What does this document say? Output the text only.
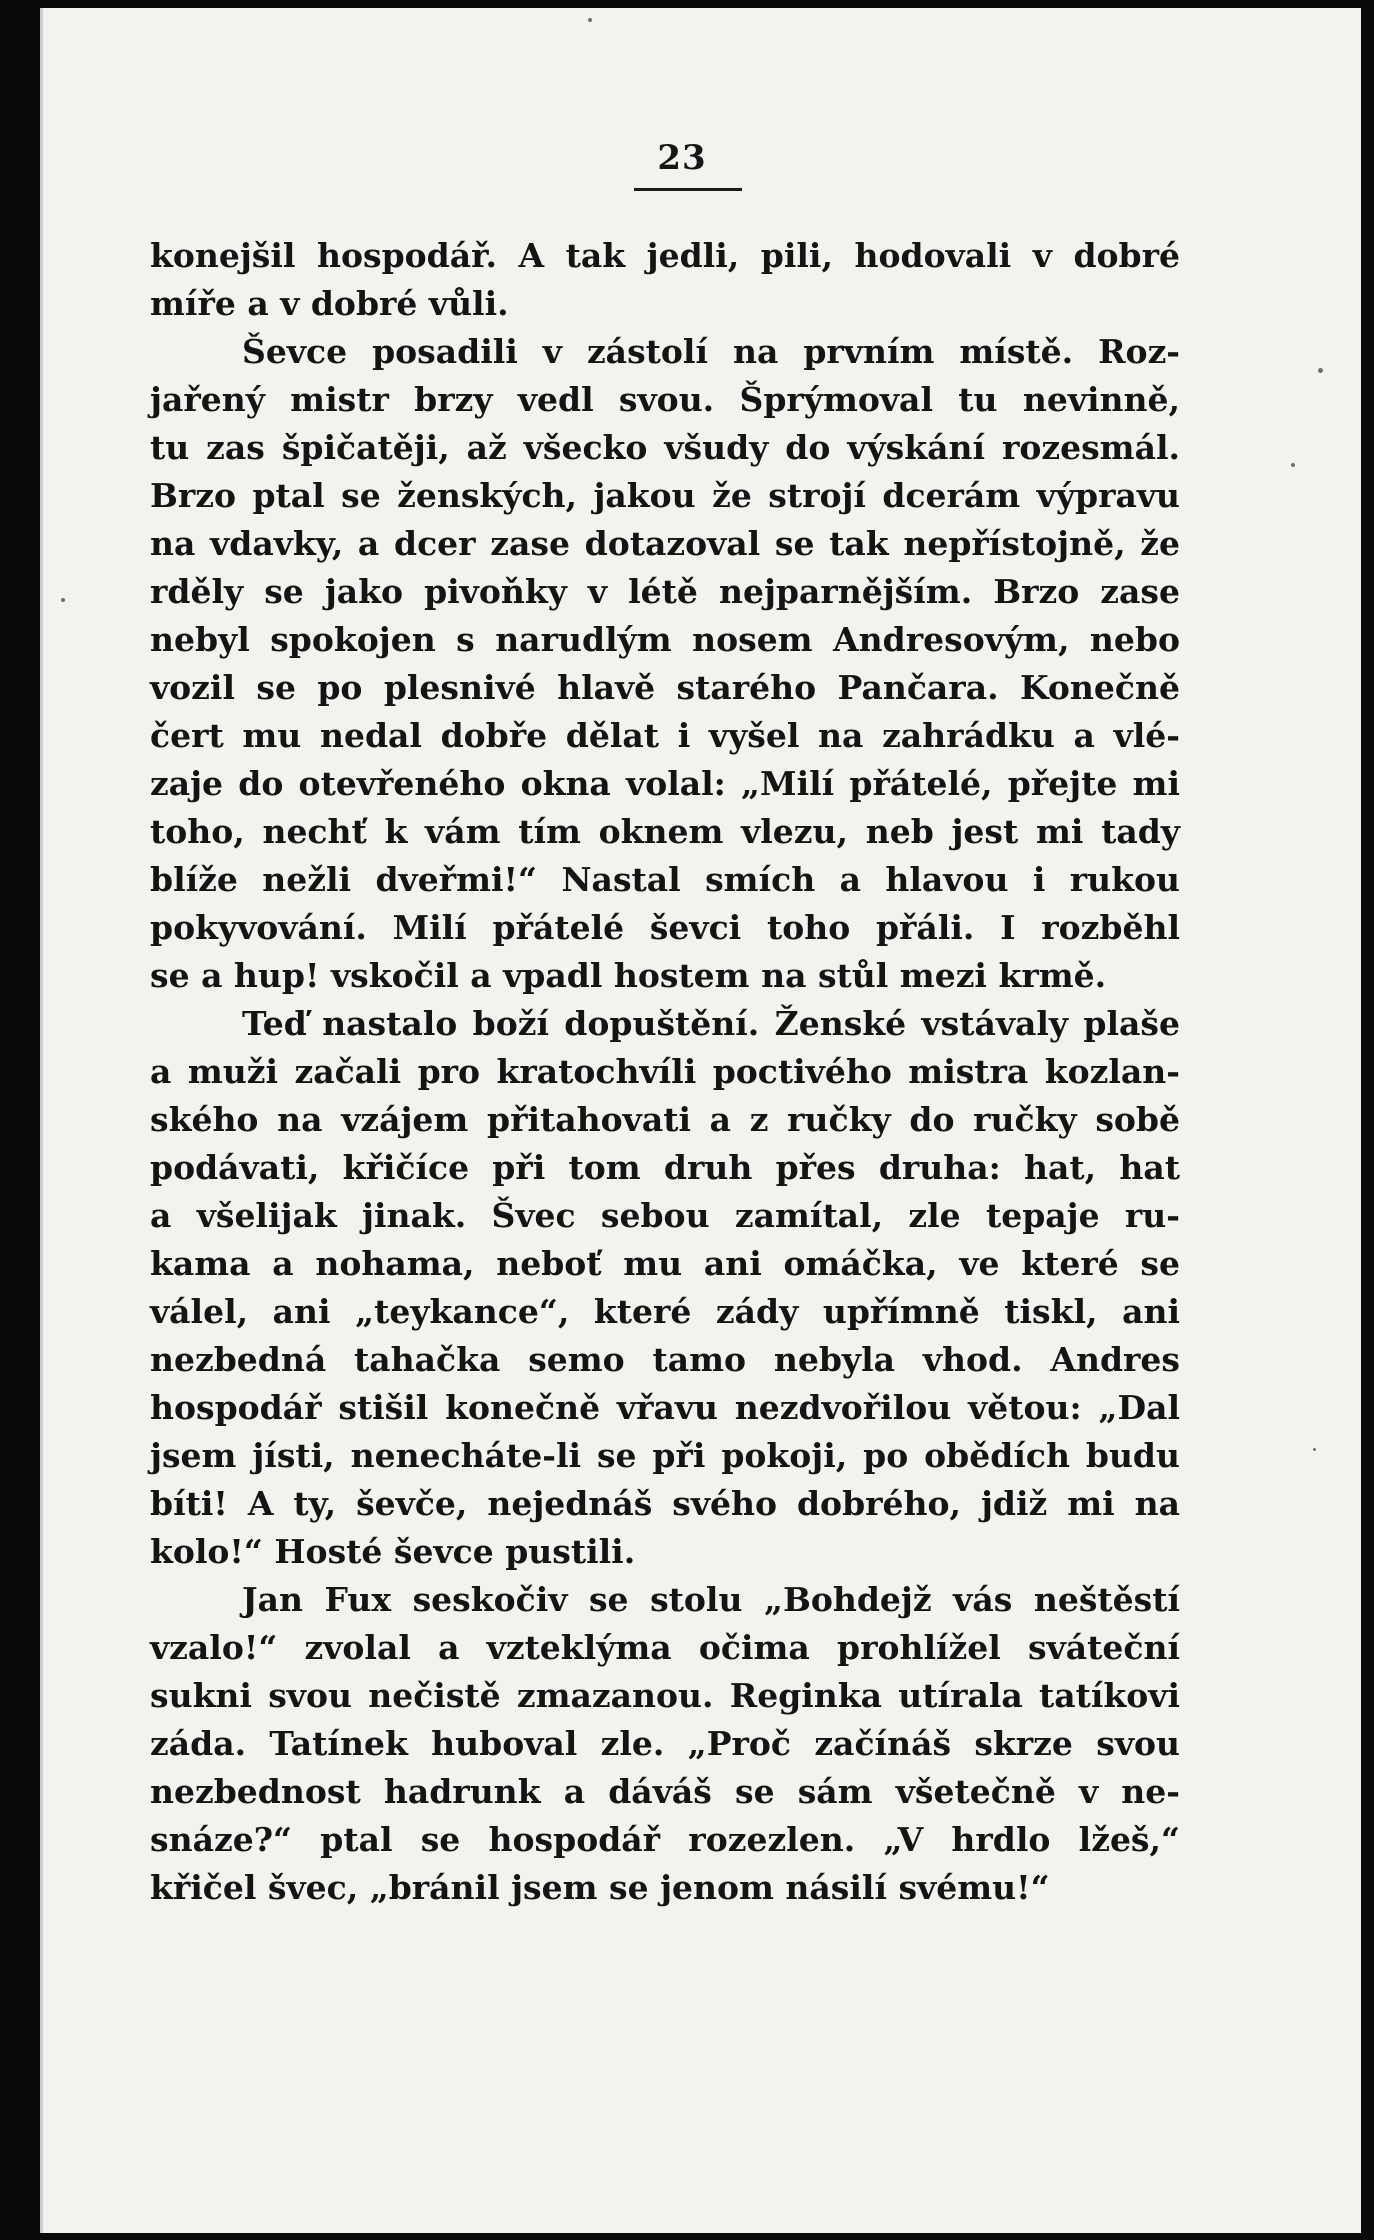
23
konejšil hospodář. A tak jedli, pili, hodovali v dobré
míře a v dobré vůli.
Ševce posadili v zástolí na prvním místě. Roz-
jařený mistr brzy vedl svou. Šprýmoval tu nevinně,
tu zas špičatěji, až všecko všudy do výskání rozesmál.
Brzo ptal se ženských, jakou že strojí dcerám výpravu
na vdavky, a dcer zase dotazoval se tak nepřístojně, že
rděly se jako pivoňky v létě nejparnějším. Brzo zase
nebyl spokojen s narudlým nosem Andresovým, nebo
vozil se po plesnivé hlavě starého Pančara. Konečně
čert mu nedal dobře dělat i vyšel na zahrádku a vlé-
zaje do otevřeného okna volal: „Milí přátelé, přejte mi
toho, nechť k vám tím oknem vlezu, neb jest mi tady
blíže nežli dveřmi!“ Nastal smích a hlavou i rukou
pokyvování. Milí přátelé ševci toho přáli. I rozběhl
se a hup! vskočil a vpadl hostem na stůl mezi krmě.
Teď nastalo boží dopuštění. Ženské vstávaly plaše
a muži začali pro kratochvíli poctivého mistra kozlan-
ského na vzájem přitahovati a z ručky do ručky sobě
podávati, křičíce při tom druh přes druha: hat, hat
a všelijak jinak. Švec sebou zamítal, zle tepaje ru-
kama a nohama, neboť mu ani omáčka, ve které se
válel, ani „teykance“, které zády upřímně tiskl, ani
nezbedná tahačka semo tamo nebyla vhod. Andres
hospodář stišil konečně vřavu nezdvořilou větou: „Dal
jsem jísti, nenecháte-li se při pokoji, po obědích budu
bíti! A ty, ševče, nejednáš svého dobrého, jdiž mi na
kolo!“ Hosté ševce pustili.
Jan Fux seskočiv se stolu „Bohdejž vás neštěstí
vzalo!“ zvolal a vzteklýma očima prohlížel sváteční
sukni svou nečistě zmazanou. Reginka utírala tatíkovi
záda. Tatínek huboval zle. „Proč začínáš skrze svou
nezbednost hadrunk a dáváš se sám všetečně v ne-
snáze?“ ptal se hospodář rozezlen. „V hrdlo lžeš,“
křičel švec, „bránil jsem se jenom násilí svému!“
